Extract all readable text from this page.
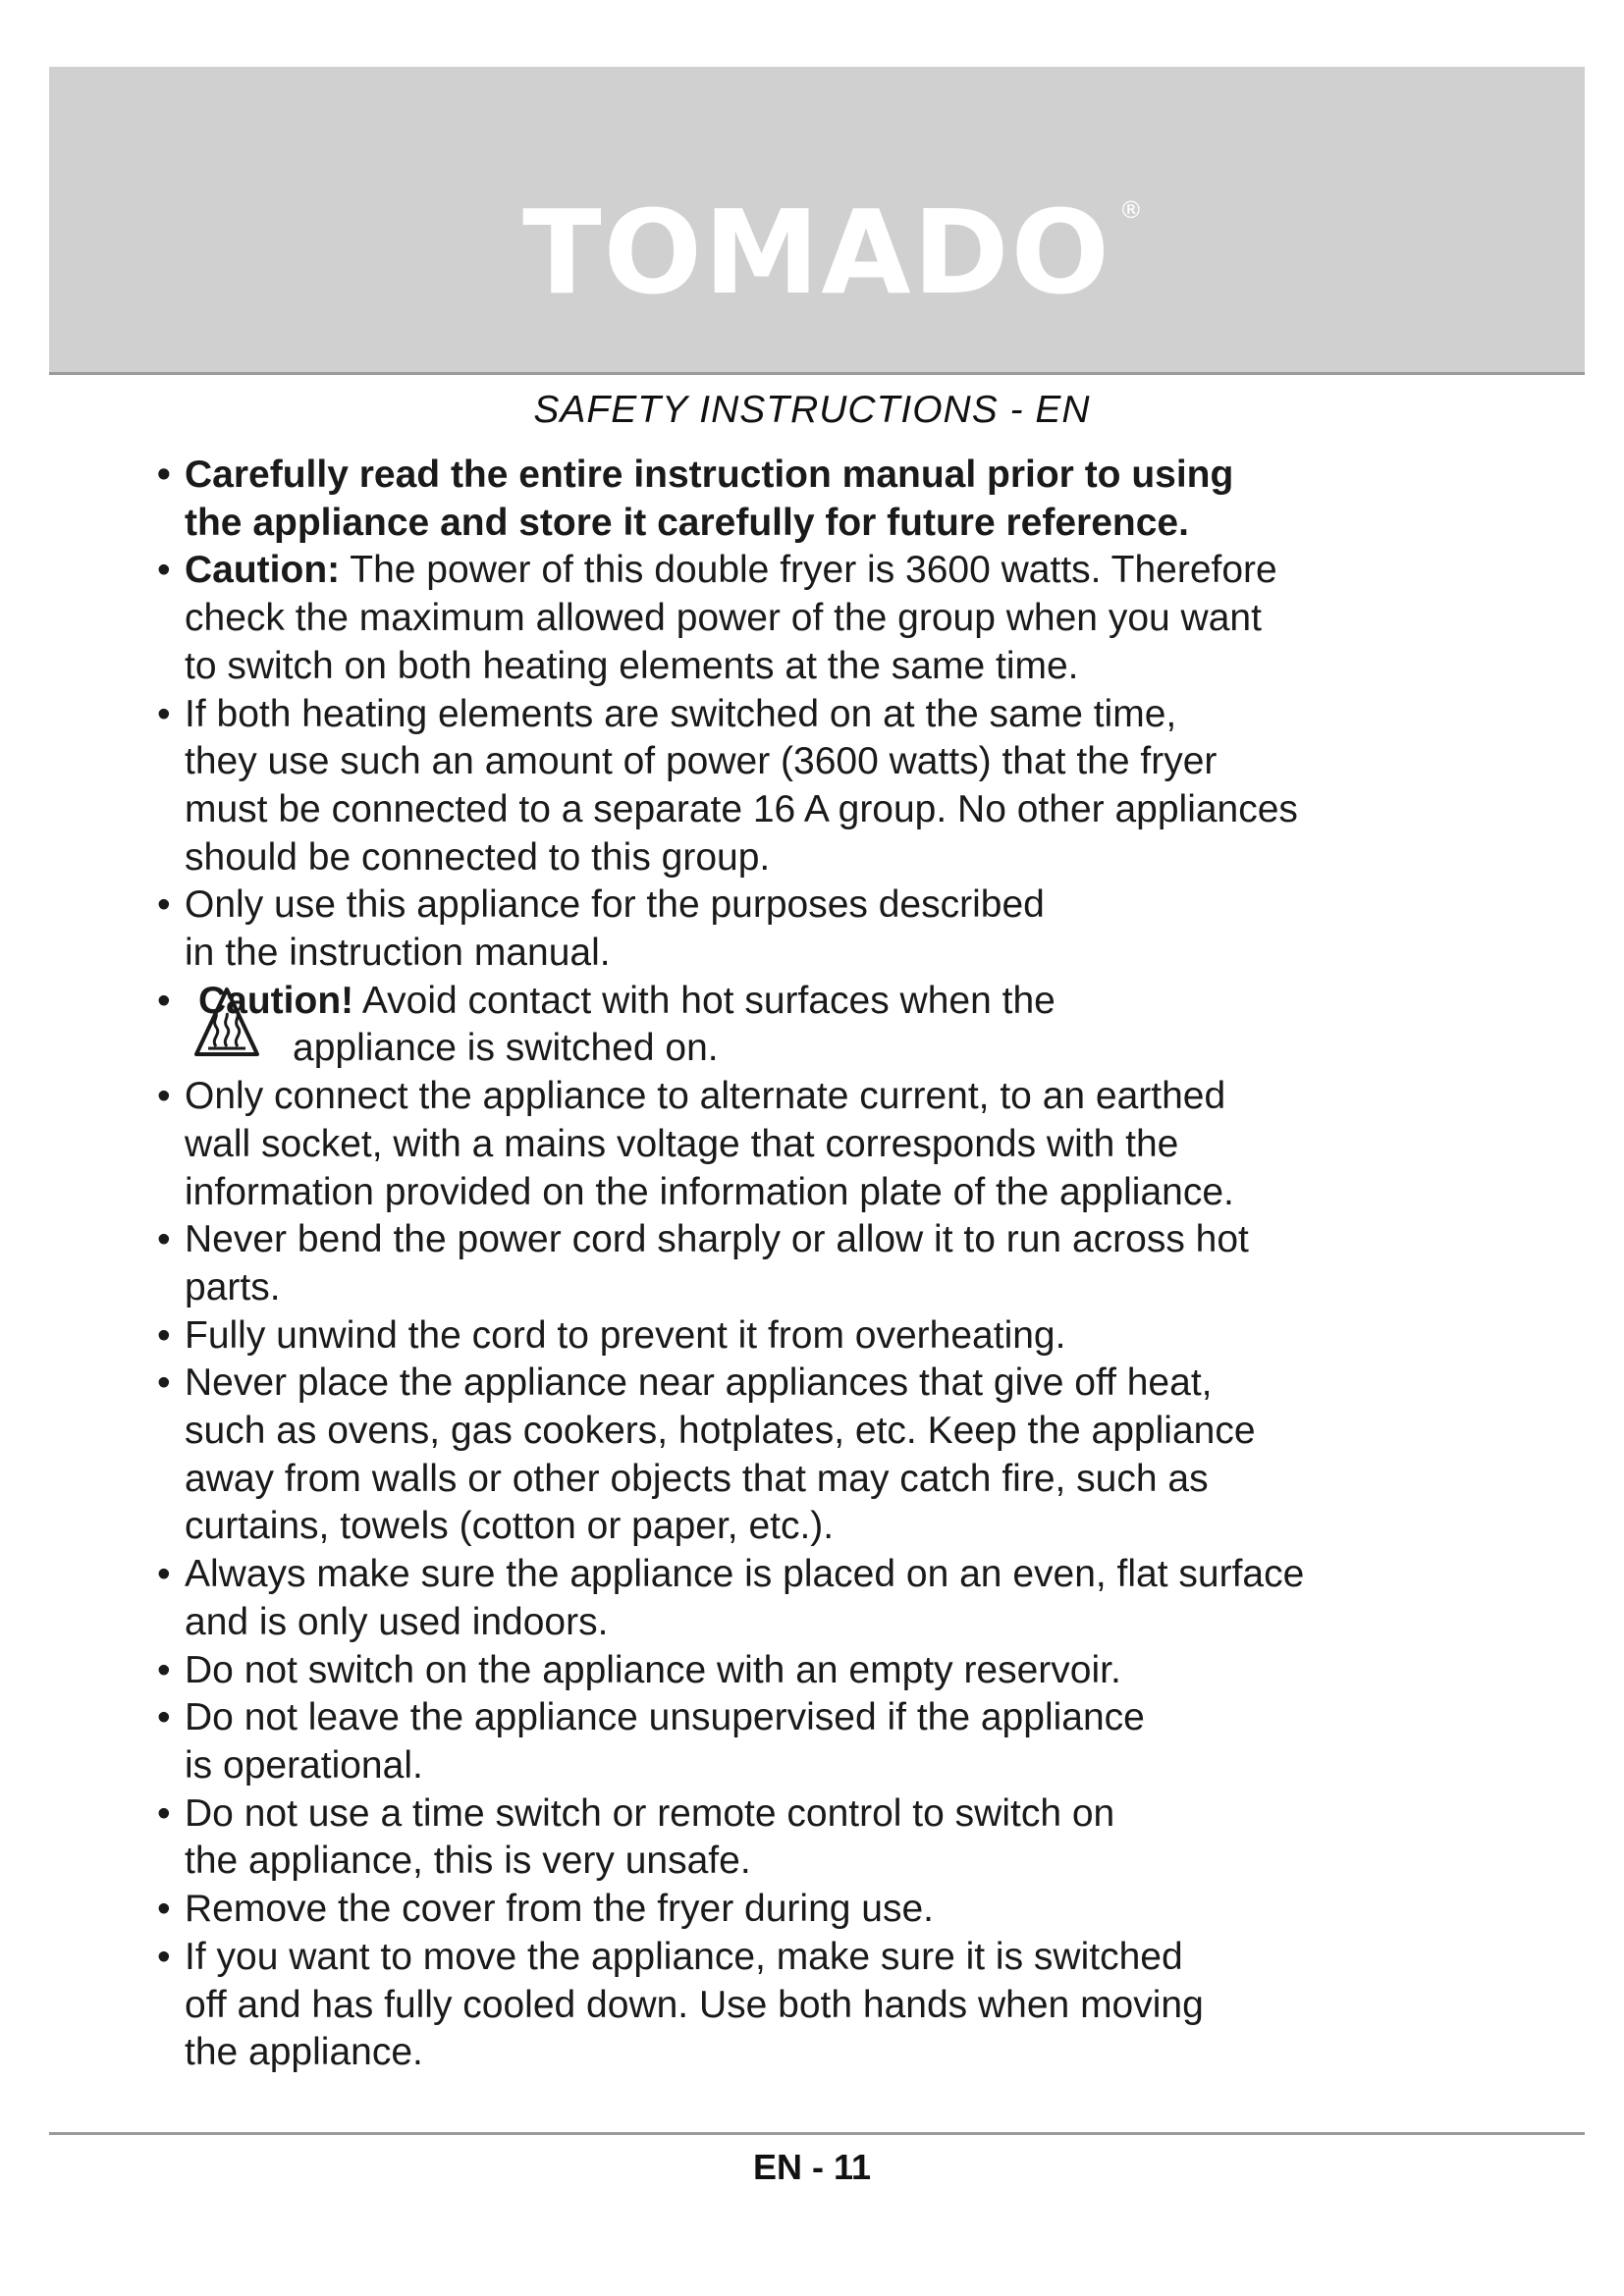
TOMADO ®
SAFETY INSTRUCTIONS - EN
• Carefully read the entire instruction manual prior to using
the appliance and store it carefully for future reference.
• Caution: The power of this double fryer is 3600 watts. Therefore
check the maximum allowed power of the group when you want
to switch on both heating elements at the same time.
• If both heating elements are switched on at the same time,
they use such an amount of power (3600 watts) that the fryer
must be connected to a separate 16 A group. No other appliances
should be connected to this group.
• Only use this appliance for the purposes described
in the instruction manual.
• Caution! Avoid contact with hot surfaces when the
appliance is switched on.
• Only connect the appliance to alternate current, to an earthed
wall socket, with a mains voltage that corresponds with the
information provided on the information plate of the appliance.
• Never bend the power cord sharply or allow it to run across hot
parts.
• Fully unwind the cord to prevent it from overheating.
• Never place the appliance near appliances that give off heat,
such as ovens, gas cookers, hotplates, etc. Keep the appliance
away from walls or other objects that may catch fire, such as
curtains, towels (cotton or paper, etc.).
• Always make sure the appliance is placed on an even, flat surface
and is only used indoors.
• Do not switch on the appliance with an empty reservoir.
• Do not leave the appliance unsupervised if the appliance
is operational.
• Do not use a time switch or remote control to switch on
the appliance, this is very unsafe.
• Remove the cover from the fryer during use.
• If you want to move the appliance, make sure it is switched
off and has fully cooled down. Use both hands when moving
the appliance.
EN - 11
